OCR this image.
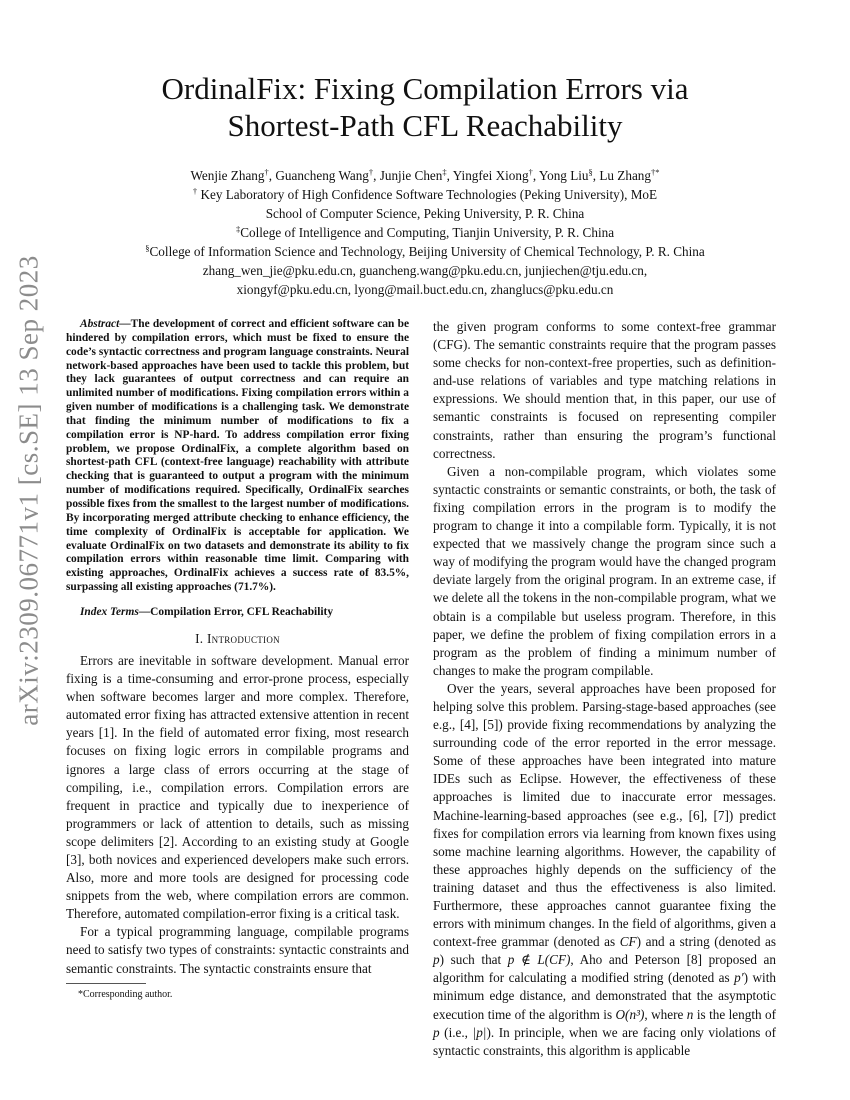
arXiv:2309.06771v1 [cs.SE] 13 Sep 2023
OrdinalFix: Fixing Compilation Errors via
Shortest-Path CFL Reachability
Wenjie Zhang†, Guancheng Wang†, Junjie Chen‡, Yingfei Xiong†, Yong Liu§, Lu Zhang†*
† Key Laboratory of High Confidence Software Technologies (Peking University), MoE
School of Computer Science, Peking University, P. R. China
‡College of Intelligence and Computing, Tianjin University, P. R. China
§College of Information Science and Technology, Beijing University of Chemical Technology, P. R. China
zhang_wen_jie@pku.edu.cn, guancheng.wang@pku.edu.cn, junjiechen@tju.edu.cn,
xiongyf@pku.edu.cn, lyong@mail.buct.edu.cn, zhanglucs@pku.edu.cn

Abstract—The development of correct and efficient software can be hindered by compilation errors, which must be fixed to ensure the code’s syntactic correctness and program language constraints. Neural network-based approaches have been used to tackle this problem, but they lack guarantees of output correctness and can require an unlimited number of modifications. Fixing compilation errors within a given number of modifications is a challenging task. We demonstrate that finding the minimum number of modifications to fix a compilation error is NP-hard. To address compilation error fixing problem, we propose OrdinalFix, a complete algorithm based on shortest-path CFL (context-free language) reachability with attribute checking that is guaranteed to output a program with the minimum number of modifications required. Specifically, OrdinalFix searches possible fixes from the smallest to the largest number of modifications. By incorporating merged attribute checking to enhance efficiency, the time complexity of OrdinalFix is acceptable for application. We evaluate OrdinalFix on two datasets and demonstrate its ability to fix compilation errors within reasonable time limit. Comparing with existing approaches, OrdinalFix achieves a success rate of 83.5%, surpassing all existing approaches (71.7%).

Index Terms—Compilation Error, CFL Reachability

I. Introduction

Errors are inevitable in software development. Manual error fixing is a time-consuming and error-prone process, especially when software becomes larger and more complex. Therefore, automated error fixing has attracted extensive attention in recent years [1]. In the field of automated error fixing, most research focuses on fixing logic errors in compilable programs and ignores a large class of errors occurring at the stage of compiling, i.e., compilation errors. Compilation errors are frequent in practice and typically due to inexperience of programmers or lack of attention to details, such as missing scope delimiters [2]. According to an existing study at Google [3], both novices and experienced developers make such errors. Also, more and more tools are designed for processing code snippets from the web, where compilation errors are common. Therefore, automated compilation-error fixing is a critical task.

For a typical programming language, compilable programs need to satisfy two types of constraints: syntactic constraints and semantic constraints. The syntactic constraints ensure that

the given program conforms to some context-free grammar (CFG). The semantic constraints require that the program passes some checks for non-context-free properties, such as definition-and-use relations of variables and type matching relations in expressions. We should mention that, in this paper, our use of semantic constraints is focused on representing compiler constraints, rather than ensuring the program’s functional correctness.

Given a non-compilable program, which violates some syntactic constraints or semantic constraints, or both, the task of fixing compilation errors in the program is to modify the program to change it into a compilable form. Typically, it is not expected that we massively change the program since such a way of modifying the program would have the changed program deviate largely from the original program. In an extreme case, if we delete all the tokens in the non-compilable program, what we obtain is a compilable but useless program. Therefore, in this paper, we define the problem of fixing compilation errors in a program as the problem of finding a minimum number of changes to make the program compilable.

Over the years, several approaches have been proposed for helping solve this problem. Parsing-stage-based approaches (see e.g., [4], [5]) provide fixing recommendations by analyzing the surrounding code of the error reported in the error message. Some of these approaches have been integrated into mature IDEs such as Eclipse. However, the effectiveness of these approaches is limited due to inaccurate error messages. Machine-learning-based approaches (see e.g., [6], [7]) predict fixes for compilation errors via learning from known fixes using some machine learning algorithms. However, the capability of these approaches highly depends on the sufficiency of the training dataset and thus the effectiveness is also limited. Furthermore, these approaches cannot guarantee fixing the errors with minimum changes. In the field of algorithms, given a context-free grammar (denoted as CF) and a string (denoted as p) such that p ∉ L(CF), Aho and Peterson [8] proposed an algorithm for calculating a modified string (denoted as p′) with minimum edge distance, and demonstrated that the asymptotic execution time of the algorithm is O(n³), where n is the length of p (i.e., |p|). In principle, when we are facing only violations of syntactic constraints, this algorithm is applicable

*Corresponding author.
